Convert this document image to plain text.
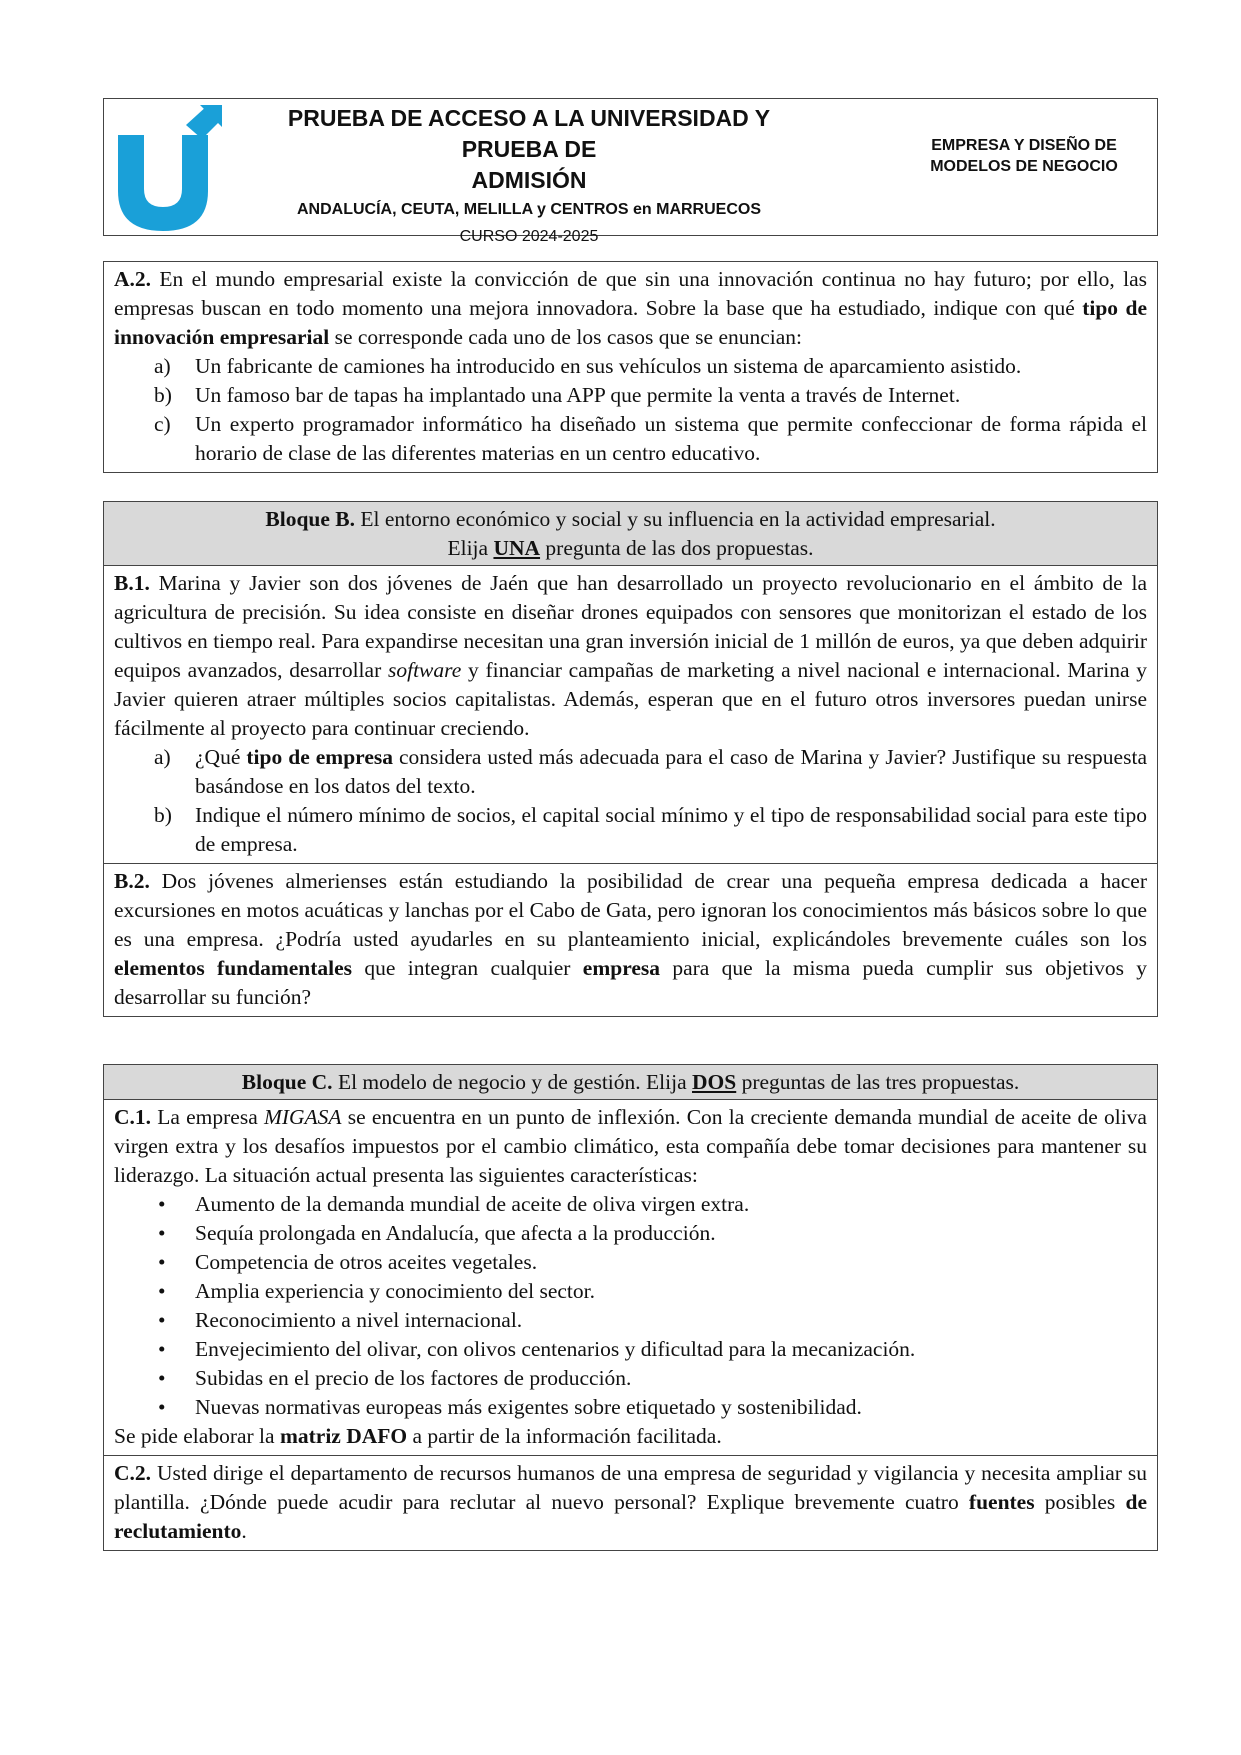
PRUEBA DE ACCESO A LA UNIVERSIDAD Y PRUEBA DE
ADMISIÓN
ANDALUCÍA, CEUTA, MELILLA y CENTROS en MARRUECOS
CURSO 2024-2025
EMPRESA Y DISEÑO DE
MODELOS DE NEGOCIO

A.2. En el mundo empresarial existe la convicción de que sin una innovación continua no hay futuro; por ello, las empresas buscan en todo momento una mejora innovadora. Sobre la base que ha estudiado, indique con qué tipo de innovación empresarial se corresponde cada uno de los casos que se enuncian:

a)	Un fabricante de camiones ha introducido en sus vehículos un sistema de aparcamiento asistido.
b)	Un famoso bar de tapas ha implantado una APP que permite la venta a través de Internet.
c)	Un experto programador informático ha diseñado un sistema que permite confeccionar de forma rápida el horario de clase de las diferentes materias en un centro educativo.
Bloque B. El entorno económico y social y su influencia en la actividad empresarial.
Elija UNA pregunta de las dos propuestas.

B.1. Marina y Javier son dos jóvenes de Jaén que han desarrollado un proyecto revolucionario en el ámbito de la agricultura de precisión. Su idea consiste en diseñar drones equipados con sensores que monitorizan el estado de los cultivos en tiempo real. Para expandirse necesitan una gran inversión inicial de 1 millón de euros, ya que deben adquirir equipos avanzados, desarrollar software y financiar campañas de marketing a nivel nacional e internacional. Marina y Javier quieren atraer múltiples socios capitalistas. Además, esperan que en el futuro otros inversores puedan unirse fácilmente al proyecto para continuar creciendo.

a)	¿Qué tipo de empresa considera usted más adecuada para el caso de Marina y Javier? Justifique su respuesta basándose en los datos del texto.
b)	Indique el número mínimo de socios, el capital social mínimo y el tipo de responsabilidad social para este tipo de empresa.

B.2. Dos jóvenes almerienses están estudiando la posibilidad de crear una pequeña empresa dedicada a hacer excursiones en motos acuáticas y lanchas por el Cabo de Gata, pero ignoran los conocimientos más básicos sobre lo que es una empresa. ¿Podría usted ayudarles en su planteamiento inicial, explicándoles brevemente cuáles son los elementos fundamentales que integran cualquier empresa para que la misma pueda cumplir sus objetivos y desarrollar su función?

Bloque C. El modelo de negocio y de gestión. Elija DOS preguntas de las tres propuestas.

C.1. La empresa MIGASA se encuentra en un punto de inflexión. Con la creciente demanda mundial de aceite de oliva virgen extra y los desafíos impuestos por el cambio climático, esta compañía debe tomar decisiones para mantener su liderazgo. La situación actual presenta las siguientes características:

•	Aumento de la demanda mundial de aceite de oliva virgen extra.
•	Sequía prolongada en Andalucía, que afecta a la producción.
•	Competencia de otros aceites vegetales.
•	Amplia experiencia y conocimiento del sector.
•	Reconocimiento a nivel internacional.
•	Envejecimiento del olivar, con olivos centenarios y dificultad para la mecanización.
•	Subidas en el precio de los factores de producción.
•	Nuevas normativas europeas más exigentes sobre etiquetado y sostenibilidad.

Se pide elaborar la matriz DAFO a partir de la información facilitada.

C.2. Usted dirige el departamento de recursos humanos de una empresa de seguridad y vigilancia y necesita ampliar su plantilla. ¿Dónde puede acudir para reclutar al nuevo personal? Explique brevemente cuatro fuentes posibles de reclutamiento.
